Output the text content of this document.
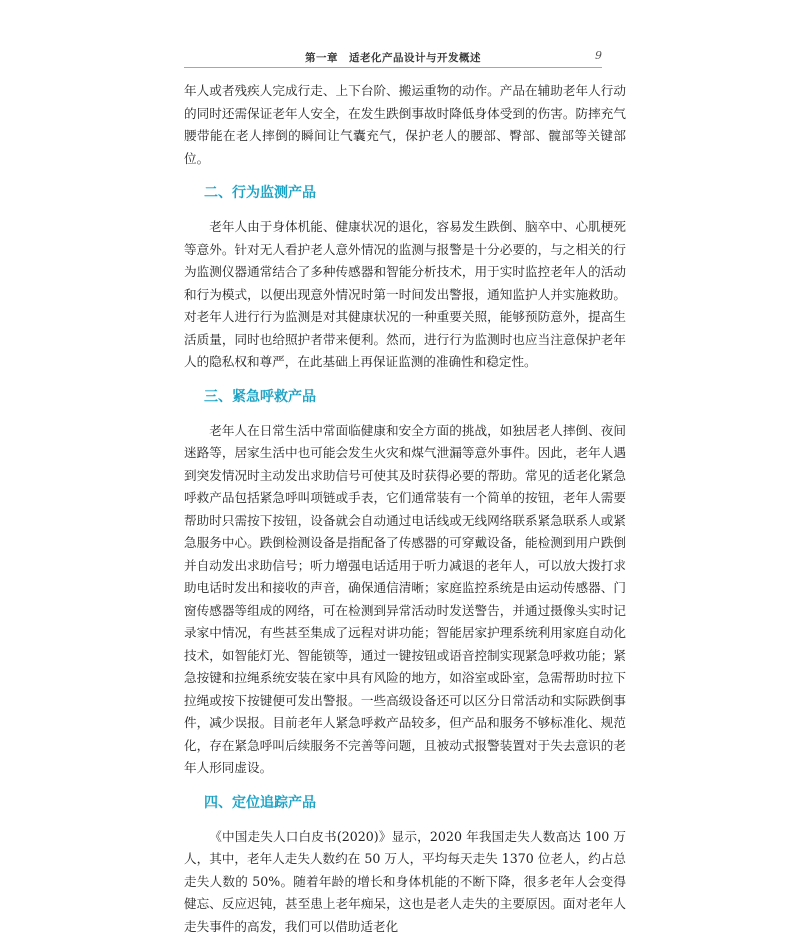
第一章　适老化产品设计与开发概述	9

年人或者残疾人完成行走、上下台阶、搬运重物的动作。产品在辅助老年人行动的同时还需保证老年人安全，在发生跌倒事故时降低身体受到的伤害。防摔充气腰带能在老人摔倒的瞬间让气囊充气，保护老人的腰部、臀部、髋部等关键部位。

二、行为监测产品

老年人由于身体机能、健康状况的退化，容易发生跌倒、脑卒中、心肌梗死等意外。针对无人看护老人意外情况的监测与报警是十分必要的，与之相关的行为监测仪器通常结合了多种传感器和智能分析技术，用于实时监控老年人的活动和行为模式，以便出现意外情况时第一时间发出警报，通知监护人并实施救助。对老年人进行行为监测是对其健康状况的一种重要关照，能够预防意外，提高生活质量，同时也给照护者带来便利。然而，进行行为监测时也应当注意保护老年人的隐私权和尊严，在此基础上再保证监测的准确性和稳定性。

三、紧急呼救产品

老年人在日常生活中常面临健康和安全方面的挑战，如独居老人摔倒、夜间迷路等，居家生活中也可能会发生火灾和煤气泄漏等意外事件。因此，老年人遇到突发情况时主动发出求助信号可使其及时获得必要的帮助。常见的适老化紧急呼救产品包括紧急呼叫项链或手表，它们通常装有一个简单的按钮，老年人需要帮助时只需按下按钮，设备就会自动通过电话线或无线网络联系紧急联系人或紧急服务中心。跌倒检测设备是指配备了传感器的可穿戴设备，能检测到用户跌倒并自动发出求助信号；听力增强电话适用于听力减退的老年人，可以放大拨打求助电话时发出和接收的声音，确保通信清晰；家庭监控系统是由运动传感器、门窗传感器等组成的网络，可在检测到异常活动时发送警告，并通过摄像头实时记录家中情况，有些甚至集成了远程对讲功能；智能居家护理系统利用家庭自动化技术，如智能灯光、智能锁等，通过一键按钮或语音控制实现紧急呼救功能；紧急按键和拉绳系统安装在家中具有风险的地方，如浴室或卧室，急需帮助时拉下拉绳或按下按键便可发出警报。一些高级设备还可以区分日常活动和实际跌倒事件，减少误报。目前老年人紧急呼救产品较多，但产品和服务不够标准化、规范化，存在紧急呼叫后续服务不完善等问题，且被动式报警装置对于失去意识的老年人形同虚设。

四、定位追踪产品

《中国走失人口白皮书(2020)》显示，2020 年我国走失人数高达 100 万人，其中，老年人走失人数约在 50 万人，平均每天走失 1370 位老人，约占总走失人数的 50%。随着年龄的增长和身体机能的不断下降，很多老年人会变得健忘、反应迟钝，甚至患上老年痴呆，这也是老人走失的主要原因。面对老年人走失事件的高发，我们可以借助适老化
